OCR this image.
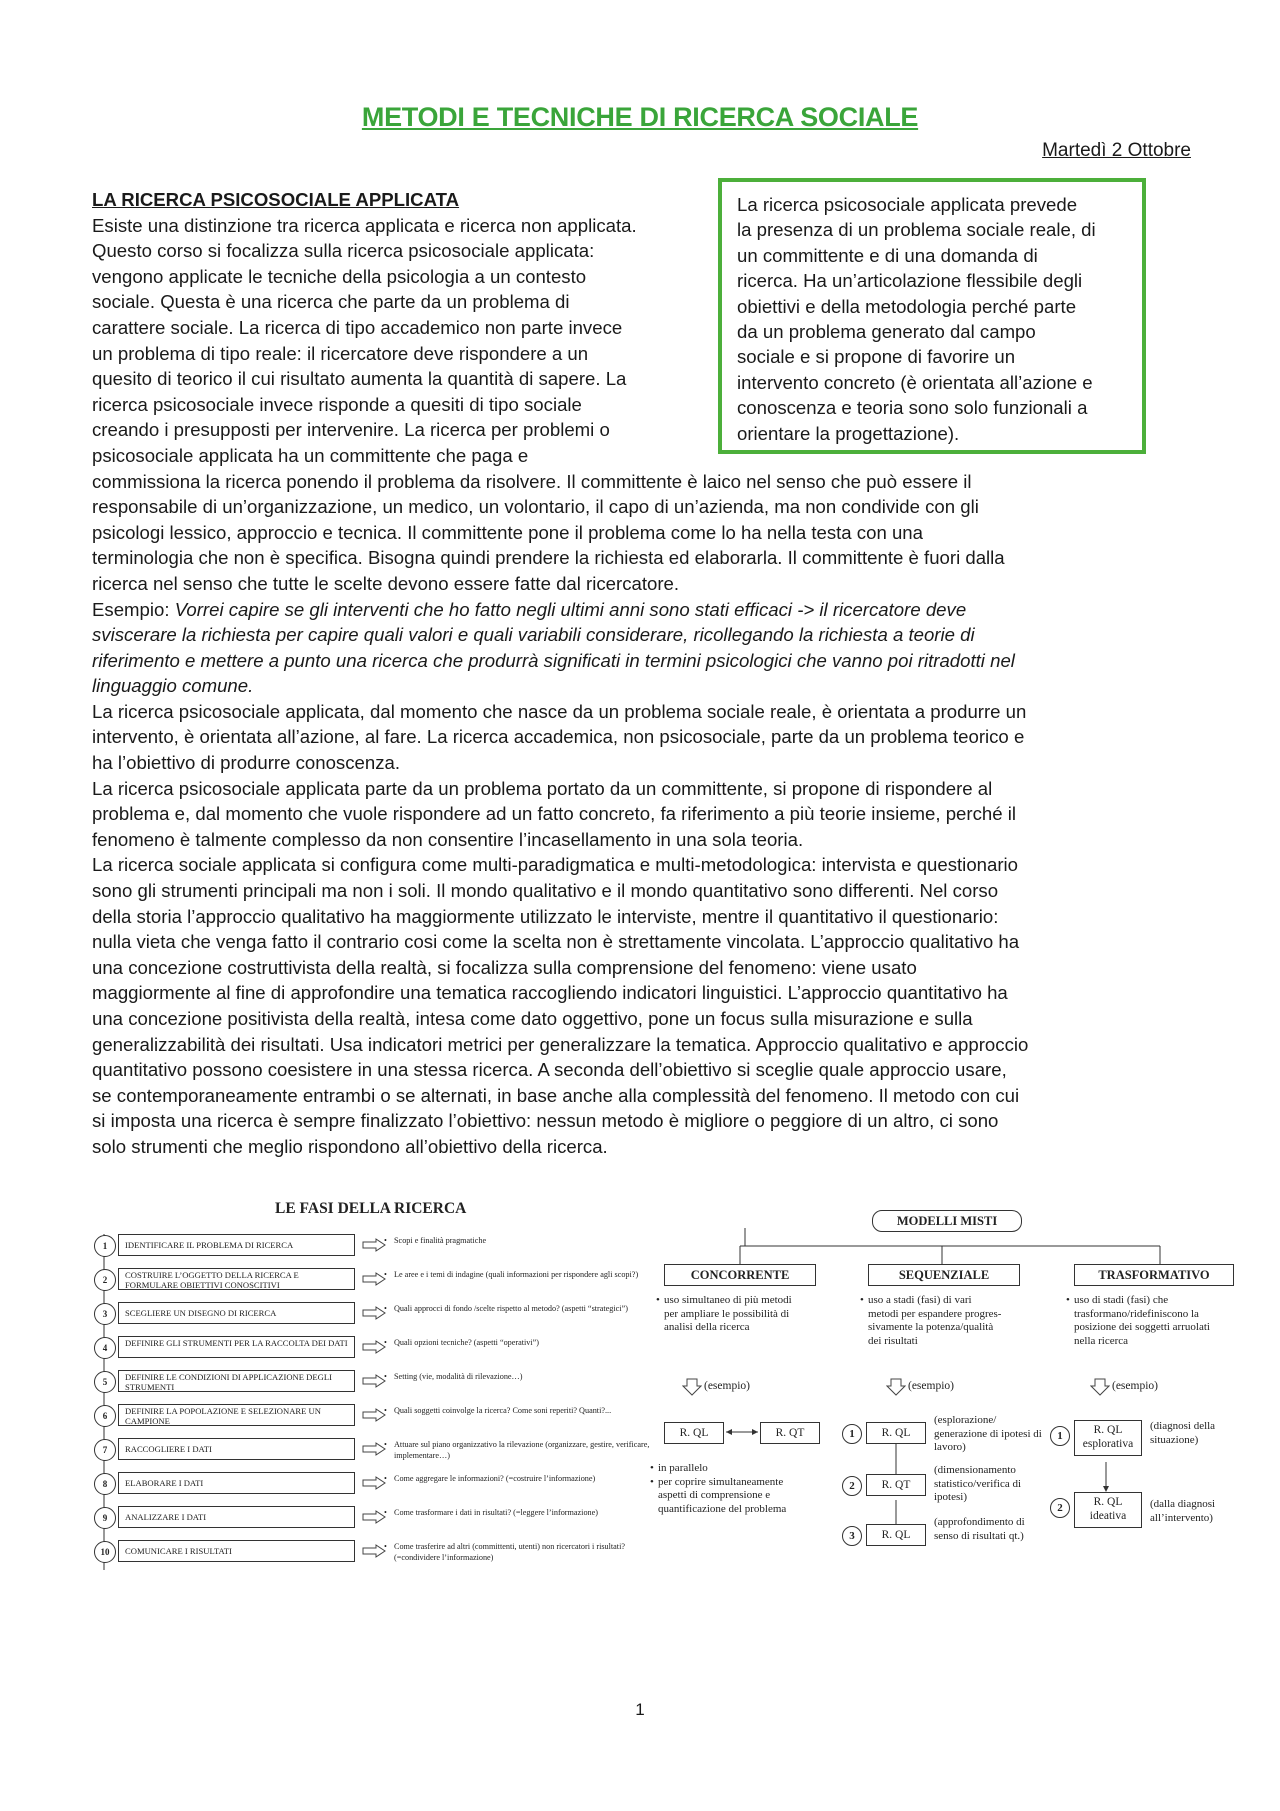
METODI E TECNICHE DI RICERCA SOCIALE
Martedì 2 Ottobre
La ricerca psicosociale applicata prevede
la presenza di un problema sociale reale, di
un committente e di una domanda di
ricerca. Ha un’articolazione flessibile degli
obiettivi e della metodologia perché parte
da un problema generato dal campo
sociale e si propone di favorire un
intervento concreto (è orientata all’azione e
conoscenza e teoria sono solo funzionali a
orientare la progettazione).
LA RICERCA PSICOSOCIALE APPLICATA
Esiste una distinzione tra ricerca applicata e ricerca non applicata.
Questo corso si focalizza sulla ricerca psicosociale applicata:
vengono applicate le tecniche della psicologia a un contesto
sociale. Questa è una ricerca che parte da un problema di
carattere sociale. La ricerca di tipo accademico non parte invece
un problema di tipo reale: il ricercatore deve rispondere a un
quesito di teorico il cui risultato aumenta la quantità di sapere. La
ricerca psicosociale invece risponde a quesiti di tipo sociale
creando i presupposti per intervenire. La ricerca per problemi o
psicosociale applicata ha un committente che paga e
commissiona la ricerca ponendo il problema da risolvere. Il committente è laico nel senso che può essere il
responsabile di un’organizzazione, un medico, un volontario, il capo di un’azienda, ma non condivide con gli
psicologi lessico, approccio e tecnica. Il committente pone il problema come lo ha nella testa con una
terminologia che non è specifica. Bisogna quindi prendere la richiesta ed elaborarla. Il committente è fuori dalla
ricerca nel senso che tutte le scelte devono essere fatte dal ricercatore.
Esempio: Vorrei capire se gli interventi che ho fatto negli ultimi anni sono stati efficaci -> il ricercatore deve
sviscerare la richiesta per capire quali valori e quali variabili considerare, ricollegando la richiesta a teorie di
riferimento e mettere a punto una ricerca che produrrà significati in termini psicologici che vanno poi ritradotti nel
linguaggio comune.
La ricerca psicosociale applicata, dal momento che nasce da un problema sociale reale, è orientata a produrre un
intervento, è orientata all’azione, al fare. La ricerca accademica, non psicosociale, parte da un problema teorico e
ha l’obiettivo di produrre conoscenza.
La ricerca psicosociale applicata parte da un problema portato da un committente, si propone di rispondere al
problema e, dal momento che vuole rispondere ad un fatto concreto, fa riferimento a più teorie insieme, perché il
fenomeno è talmente complesso da non consentire l’incasellamento in una sola teoria.
La ricerca sociale applicata si configura come multi-paradigmatica e multi-metodologica: intervista e questionario
sono gli strumenti principali ma non i soli. Il mondo qualitativo e il mondo quantitativo sono differenti. Nel corso
della storia l’approccio qualitativo ha maggiormente utilizzato le interviste, mentre il quantitativo il questionario:
nulla vieta che venga fatto il contrario cosi come la scelta non è strettamente vincolata. L’approccio qualitativo ha
una concezione costruttivista della realtà, si focalizza sulla comprensione del fenomeno: viene usato
maggiormente al fine di approfondire una tematica raccogliendo indicatori linguistici. L’approccio quantitativo ha
una concezione positivista della realtà, intesa come dato oggettivo, pone un focus sulla misurazione e sulla
generalizzabilità dei risultati. Usa indicatori metrici per generalizzare la tematica. Approccio qualitativo e approccio
quantitativo possono coesistere in una stessa ricerca. A seconda dell’obiettivo si sceglie quale approccio usare,
se contemporaneamente entrambi o se alternati, in base anche alla complessità del fenomeno. Il metodo con cui
si imposta una ricerca è sempre finalizzato l’obiettivo: nessun metodo è migliore o peggiore di un altro, ci sono
solo strumenti che meglio rispondono all’obiettivo della ricerca.
LE FASI DELLA RICERCA
1	IDENTIFICARE IL PROBLEMA DI RICERCA	• Scopi e finalità pragmatiche
2	COSTRUIRE L’OGGETTO DELLA RICERCA E FORMULARE OBIETTIVI CONOSCITIVI
• Le aree e i temi di indagine (quali informazioni per rispondere agli scopi?)
3	SCEGLIERE UN DISEGNO DI RICERCA	• Quali approcci di fondo /scelte rispetto al metodo? (aspetti “strategici”)
4	DEFINIRE GLI STRUMENTI PER LA RACCOLTA DEI DATI	• Quali opzioni tecniche? (aspetti “operativi”)
5	DEFINIRE LE CONDIZIONI DI APPLICAZIONE DEGLI STRUMENTI
• Setting (vie, modalità di rilevazione…)
6	DEFINIRE LA POPOLAZIONE E SELEZIONARE UN CAMPIONE
• Quali soggetti coinvolge la ricerca? Come soni reperiti? Quanti?...
7	RACCOGLIERE I DATI	• Attuare sul piano organizzativo la rilevazione (organizzare, gestire, verificare, implementare…)
8	ELABORARE I DATI	• Come aggregare le informazioni? (=costruire l’informazione)
9	ANALIZZARE I DATI	• Come trasformare i dati in risultati? (=leggere l’informazione)
10	COMUNICARE I RISULTATI	• Come trasferire ad altri (committenti, utenti) non ricercatori i risultati? (=condividere l’informazione)
MODELLI MISTI
CONCORRENTE	SEQUENZIALE	TRASFORMATIVO
• uso simultaneo di più metodi
per ampliare le possibilità di
analisi della ricerca
• uso a stadi (fasi) di vari
metodi per espandere progres-
sivamente la potenza/qualità
dei risultati
• uso di stadi (fasi) che
trasformano/ridefiniscono la
posizione dei soggetti arruolati
nella ricerca
(esempio)	(esempio)	(esempio)
R. QL	R. QT
• in parallelo
• per coprire simultaneamente aspetti di comprensione e quantificazione del problema
1	R. QL
(esplorazione/ generazione di ipotesi di lavoro)
2	R. QT
(dimensionamento statistico/verifica di ipotesi)
3	R. QL
(approfondimento di senso di risultati qt.)
1	R. QL
esplorativa
(diagnosi della situazione)
2	R. QL
ideativa
(dalla diagnosi all’intervento)
1
